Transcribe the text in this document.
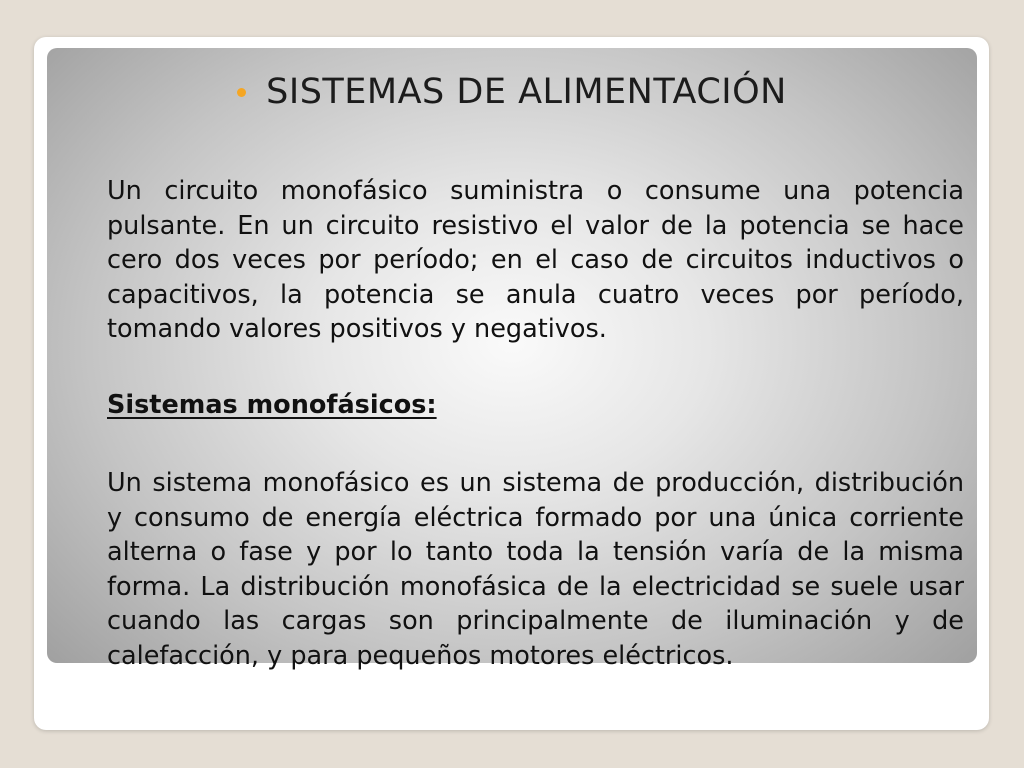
SISTEMAS DE ALIMENTACIÓN
Un circuito monofásico suministra o consume una potencia pulsante. En un circuito resistivo el valor de la potencia se hace cero dos veces por período; en el caso de circuitos inductivos o capacitivos, la potencia se anula cuatro veces por período, tomando valores positivos y negativos.
Sistemas monofásicos:
Un sistema monofásico es un sistema de producción, distribución y consumo de energía eléctrica formado por una única corriente alterna o fase y por lo tanto toda la tensión varía de la misma forma. La distribución monofásica de la electricidad se suele usar cuando las cargas son principalmente de iluminación y de calefacción, y para pequeños motores eléctricos.
